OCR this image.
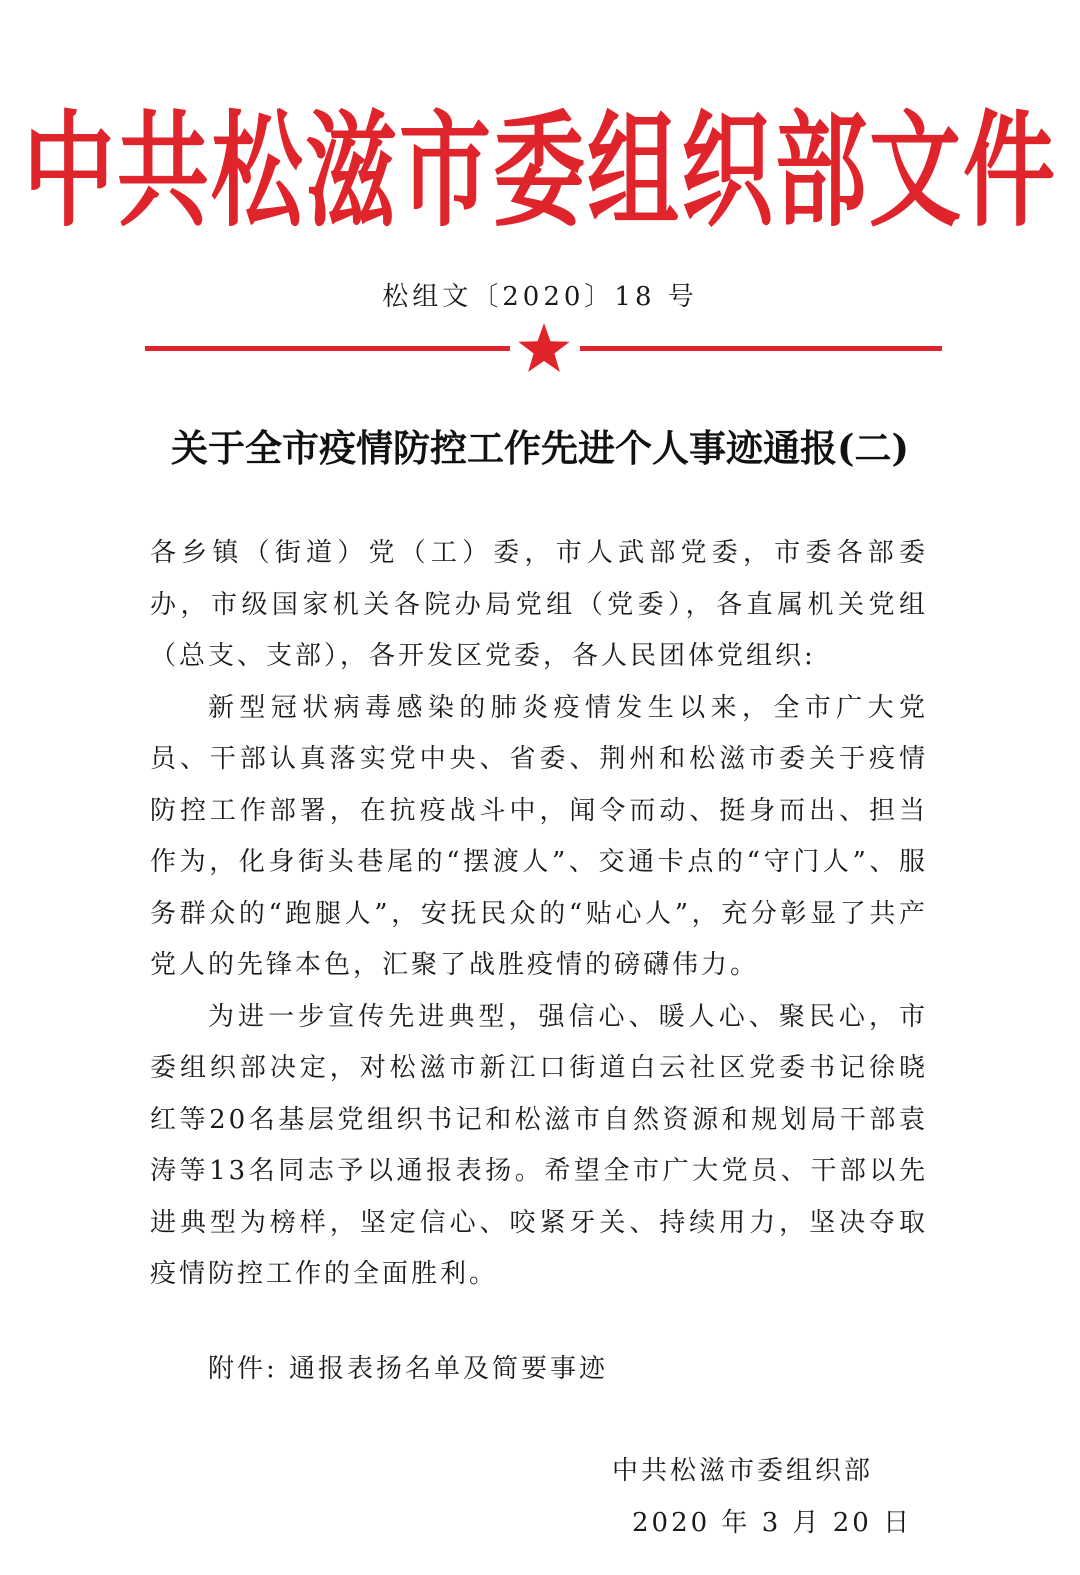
中共松滋市委组织部文件
松组文〔2020〕18 号
关于全市疫情防控工作先进个人事迹通报(二)

各乡镇（街道）党（工）委，市人武部党委，市委各部委办，市级国家机关各院办局党组（党委），各直属机关党组（总支、支部），各开发区党委，各人民团体党组织:

新型冠状病毒感染的肺炎疫情发生以来，全市广大党员、干部认真落实党中央、省委、荆州和松滋市委关于疫情防控工作部署，在抗疫战斗中，闻令而动、挺身而出、担当作为，化身街头巷尾的“摆渡人”、交通卡点的“守门人”、服务群众的“跑腿人”，安抚民众的“贴心人”，充分彰显了共产党人的先锋本色，汇聚了战胜疫情的磅礴伟力。

为进一步宣传先进典型，强信心、暖人心、聚民心，市委组织部决定，对松滋市新江口街道白云社区党委书记徐晓红等20名基层党组织书记和松滋市自然资源和规划局干部袁涛等13名同志予以通报表扬。希望全市广大党员、干部以先进典型为榜样，坚定信心、咬紧牙关、持续用力，坚决夺取疫情防控工作的全面胜利。

附件: 通报表扬名单及简要事迹
中共松滋市委组织部
2020 年 3 月 20 日
